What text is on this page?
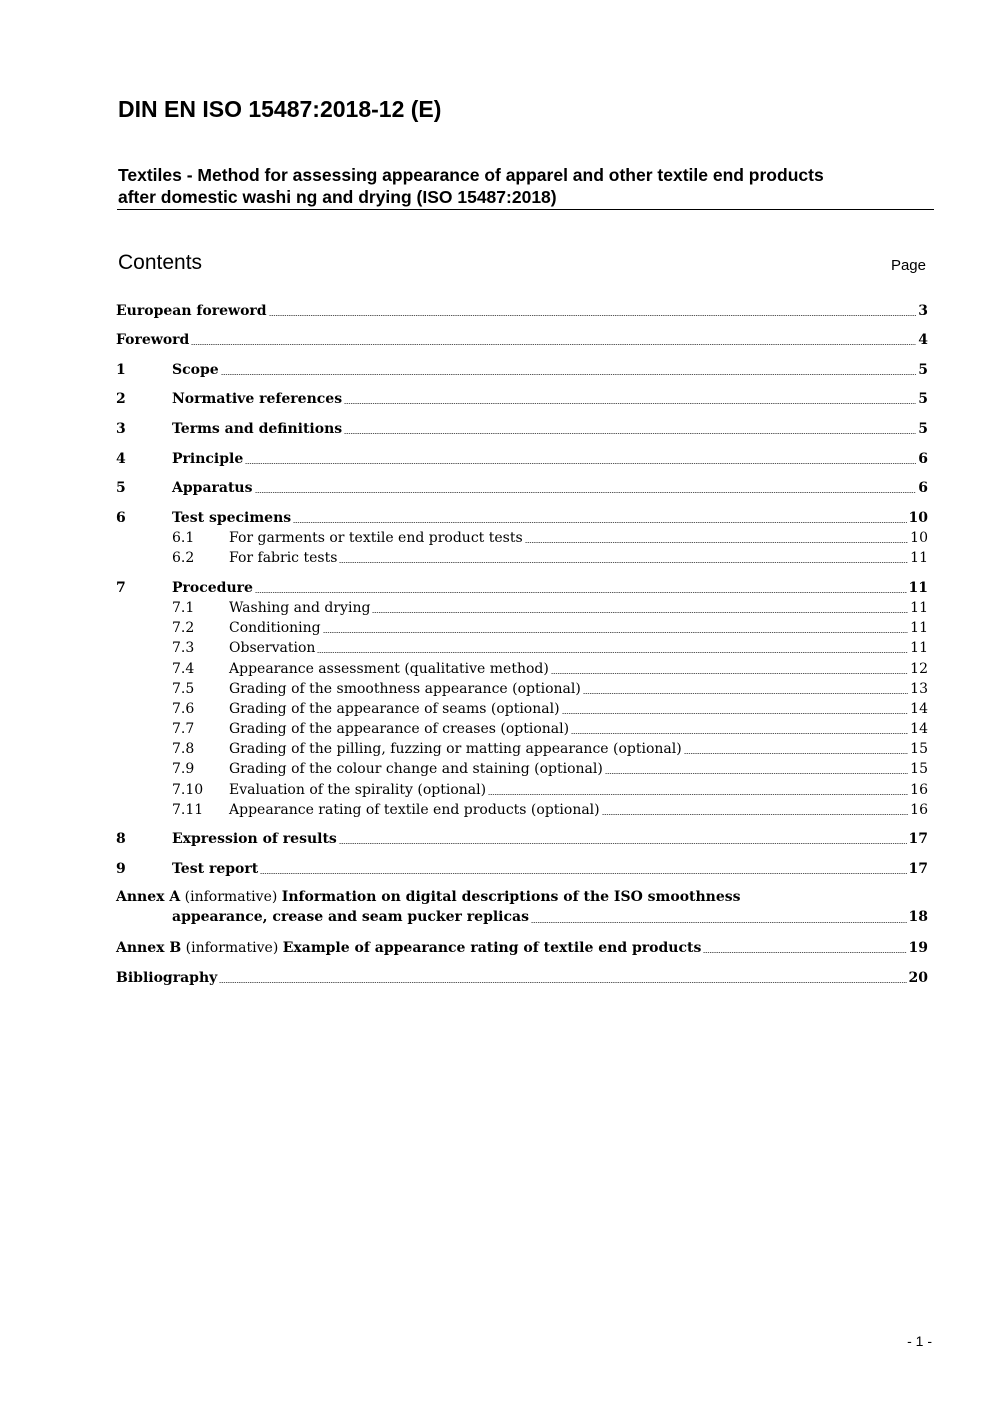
DIN EN ISO 15487:2018-12 (E)
Textiles - Method for assessing appearance of apparel and other textile end products
after domestic washi ng and drying (ISO 15487:2018)
Contents	Page
European foreword	3
Foreword	4
1	Scope	5
2	Normative references	5
3	Terms and definitions	5
4	Principle	6
5	Apparatus	6
6	Test specimens	10
6.1	For garments or textile end product tests	10
6.2	For fabric tests	11
7	Procedure	11
7.1	Washing and drying	11
7.2	Conditioning	11
7.3	Observation	11
7.4	Appearance assessment (qualitative method)	12
7.5	Grading of the smoothness appearance (optional)	13
7.6	Grading of the appearance of seams (optional)	14
7.7	Grading of the appearance of creases (optional)	14
7.8	Grading of the pilling, fuzzing or matting appearance (optional)	15
7.9	Grading of the colour change and staining (optional)	15
7.10	Evaluation of the spirality (optional)	16
7.11	Appearance rating of textile end products (optional)	16
8	Expression of results	17
9	Test report	17
Annex A (informative) Information on digital descriptions of the ISO smoothness
appearance, crease and seam pucker replicas	18
Annex B (informative) Example of appearance rating of textile end products	19
Bibliography	20
- 1 -
